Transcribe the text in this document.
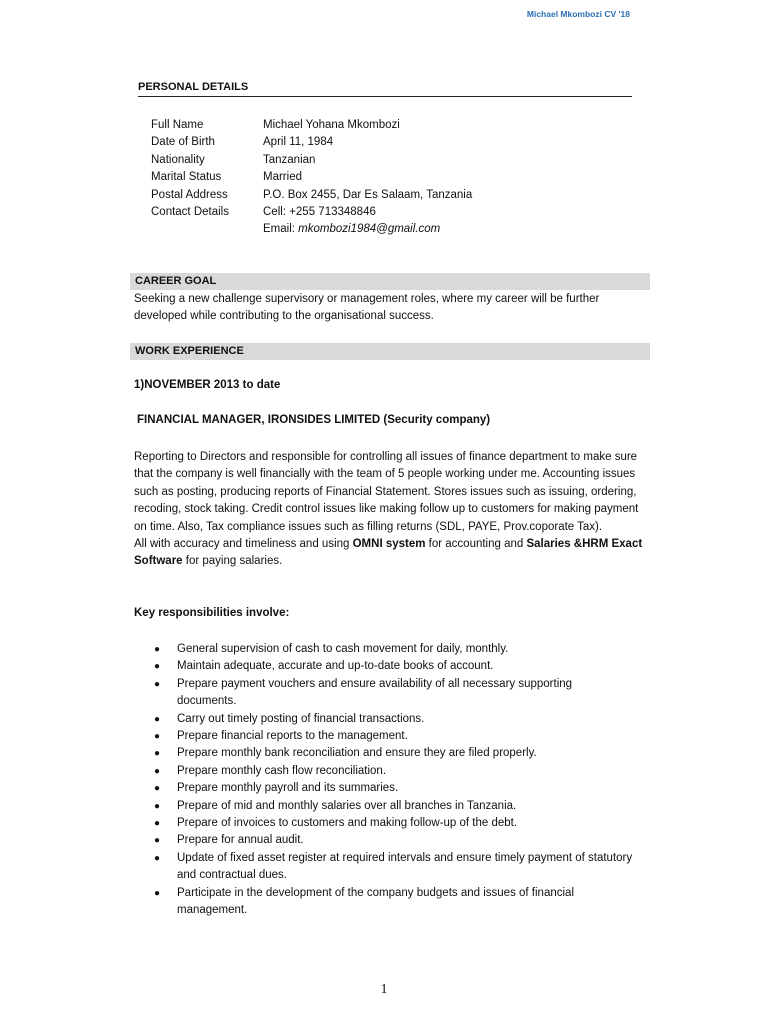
Michael Mkombozi CV '18
PERSONAL DETAILS
Full Name	Michael Yohana Mkombozi
Date of Birth	April 11, 1984
Nationality	Tanzanian
Marital Status	Married
Postal Address	P.O. Box 2455, Dar Es Salaam, Tanzania
Contact Details	Cell: +255 713348846
Email: mkombozi1984@gmail.com
CAREER GOAL
Seeking a new challenge supervisory or management roles, where my career will be further developed while contributing to the organisational success.
WORK EXPERIENCE
1)NOVEMBER 2013 to date
FINANCIAL MANAGER, IRONSIDES LIMITED (Security company)
Reporting to Directors and responsible for controlling all issues of finance department to make sure that the company is well financially with the team of 5 people working under me. Accounting issues such as posting, producing reports of Financial Statement. Stores issues such as issuing, ordering, recoding, stock taking. Credit control issues like making follow up to customers for making payment on time. Also, Tax compliance issues such as filling returns (SDL, PAYE, Prov.coporate Tax).
All with accuracy and timeliness and using OMNI system for accounting and Salaries &HRM Exact Software for paying salaries.
Key responsibilities involve:
● General supervision of cash to cash movement for daily, monthly.
● Maintain adequate, accurate and up-to-date books of account.
● Prepare payment vouchers and ensure availability of all necessary supporting documents.
● Carry out timely posting of financial transactions.
● Prepare financial reports to the management.
● Prepare monthly bank reconciliation and ensure they are filed properly.
● Prepare monthly cash flow reconciliation.
● Prepare monthly payroll and its summaries.
● Prepare of mid and monthly salaries over all branches in Tanzania.
● Prepare of invoices to customers and making follow-up of the debt.
● Prepare for annual audit.
● Update of fixed asset register at required intervals and ensure timely payment of statutory and contractual dues.
● Participate in the development of the company budgets and issues of financial management.
1
